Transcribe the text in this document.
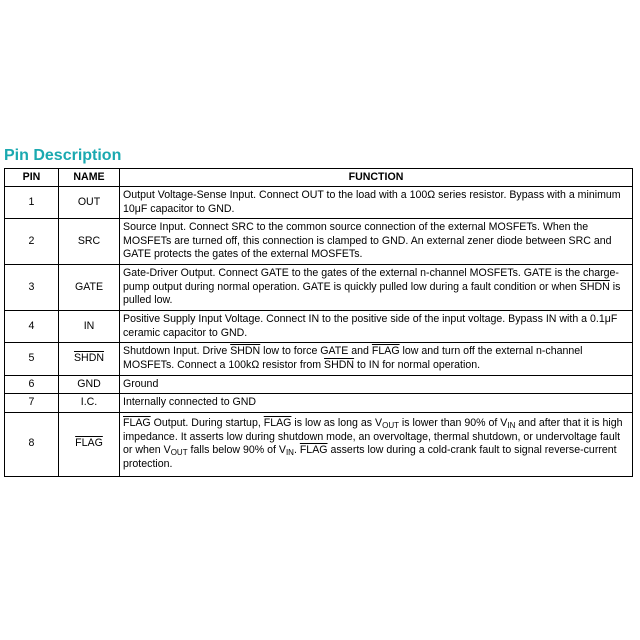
Pin Description
PIN	NAME	FUNCTION
1	OUT	Output Voltage-Sense Input. Connect OUT to the load with a 100Ω series resistor. Bypass with a minimum 10μF capacitor to GND.
2	SRC	Source Input. Connect SRC to the common source connection of the external MOSFETs. When the MOSFETs are turned off, this connection is clamped to GND. An external zener diode between SRC and GATE protects the gates of the external MOSFETs.
3	GATE	Gate-Driver Output. Connect GATE to the gates of the external n-channel MOSFETs. GATE is the charge-pump output during normal operation. GATE is quickly pulled low during a fault condition or when SHDN is pulled low.
4	IN	Positive Supply Input Voltage. Connect IN to the positive side of the input voltage. Bypass IN with a 0.1μF ceramic capacitor to GND.
5	SHDN	Shutdown Input. Drive SHDN low to force GATE and FLAG low and turn off the external n-channel MOSFETs. Connect a 100kΩ resistor from SHDN to IN for normal operation.
6	GND	Ground
7	I.C.	Internally connected to GND
8	FLAG	FLAG Output. During startup, FLAG is low as long as $V_{OUT}$ is lower than 90% of $V_{IN}$ and after that it is high impedance. It asserts low during shutdown mode, an overvoltage, thermal shutdown, or undervoltage fault or when $V_{OUT}$ falls below 90% of $V_{IN}$. FLAG asserts low during a cold-crank fault to signal reverse-current protection.
